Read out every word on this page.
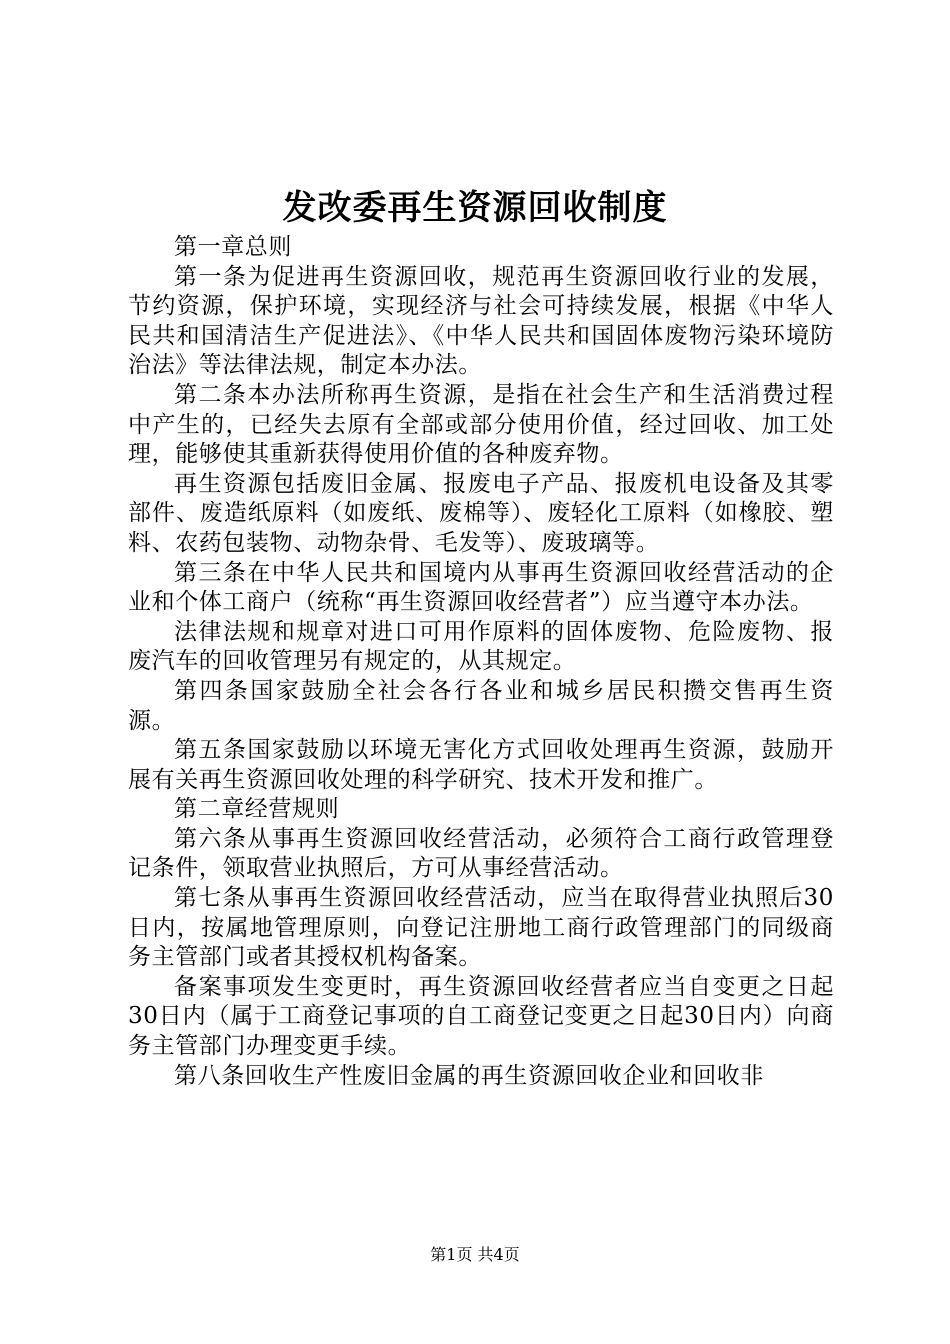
发改委再生资源回收制度

第一章总则

第一条为促进再生资源回收，规范再生资源回收行业的发展，节约资源，保护环境，实现经济与社会可持续发展，根据《中华人民共和国清洁生产促进法》、《中华人民共和国固体废物污染环境防治法》等法律法规，制定本办法。

第二条本办法所称再生资源，是指在社会生产和生活消费过程中产生的，已经失去原有全部或部分使用价值，经过回收、加工处理，能够使其重新获得使用价值的各种废弃物。

再生资源包括废旧金属、报废电子产品、报废机电设备及其零部件、废造纸原料（如废纸、废棉等）、废轻化工原料（如橡胶、塑料、农药包装物、动物杂骨、毛发等）、废玻璃等。

第三条在中华人民共和国境内从事再生资源回收经营活动的企业和个体工商户（统称“再生资源回收经营者”）应当遵守本办法。

法律法规和规章对进口可用作原料的固体废物、危险废物、报废汽车的回收管理另有规定的，从其规定。

第四条国家鼓励全社会各行各业和城乡居民积攒交售再生资源。

第五条国家鼓励以环境无害化方式回收处理再生资源，鼓励开展有关再生资源回收处理的科学研究、技术开发和推广。

第二章经营规则

第六条从事再生资源回收经营活动，必须符合工商行政管理登记条件，领取营业执照后，方可从事经营活动。

第七条从事再生资源回收经营活动，应当在取得营业执照后30日内，按属地管理原则，向登记注册地工商行政管理部门的同级商务主管部门或者其授权机构备案。

备案事项发生变更时，再生资源回收经营者应当自变更之日起30日内（属于工商登记事项的自工商登记变更之日起30日内）向商务主管部门办理变更手续。

第八条回收生产性废旧金属的再生资源回收企业和回收非

第1页 共4页
